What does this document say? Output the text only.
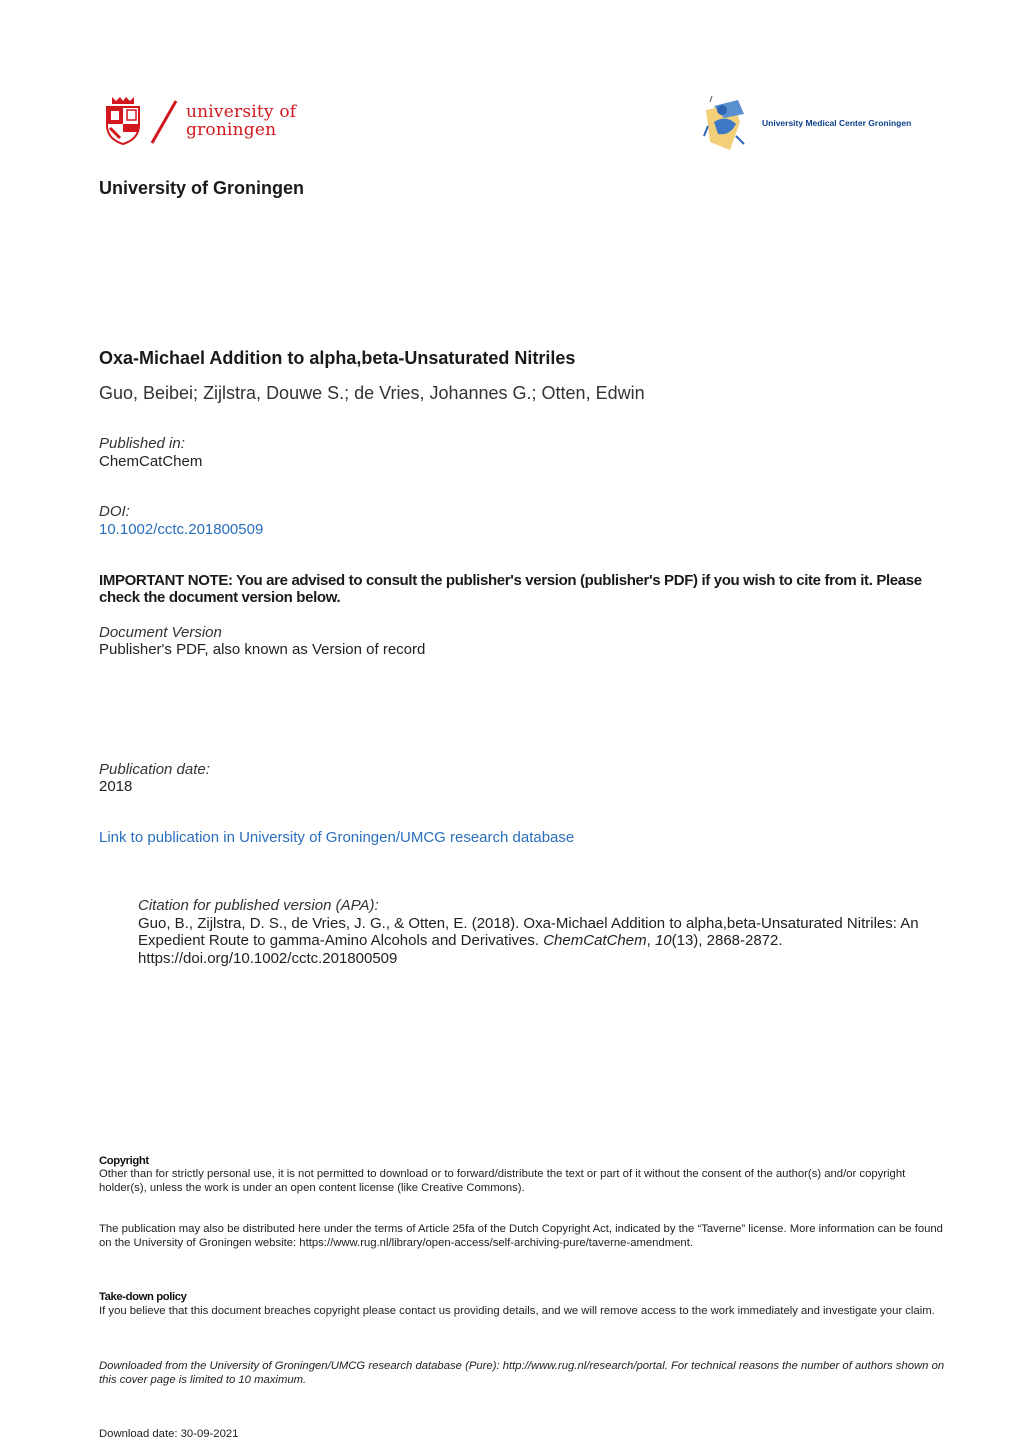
university of
groningen	University Medical Center Groningen
University of Groningen
Oxa-Michael Addition to alpha,beta-Unsaturated Nitriles
Guo, Beibei; Zijlstra, Douwe S.; de Vries, Johannes G.; Otten, Edwin
Published in:
ChemCatChem
DOI:
10.1002/cctc.201800509
IMPORTANT NOTE: You are advised to consult the publisher's version (publisher's PDF) if you wish to cite from it. Please check the document version below.
Document Version
Publisher's PDF, also known as Version of record
Publication date:
2018
Link to publication in University of Groningen/UMCG research database
Citation for published version (APA):
Guo, B., Zijlstra, D. S., de Vries, J. G., & Otten, E. (2018). Oxa-Michael Addition to alpha,beta-Unsaturated Nitriles: An Expedient Route to gamma-Amino Alcohols and Derivatives. ChemCatChem, 10(13), 2868-2872. https://doi.org/10.1002/cctc.201800509
Copyright
Other than for strictly personal use, it is not permitted to download or to forward/distribute the text or part of it without the consent of the author(s) and/or copyright holder(s), unless the work is under an open content license (like Creative Commons).
The publication may also be distributed here under the terms of Article 25fa of the Dutch Copyright Act, indicated by the “Taverne” license. More information can be found on the University of Groningen website: https://www.rug.nl/library/open-access/self-archiving-pure/taverne-amendment.
Take-down policy
If you believe that this document breaches copyright please contact us providing details, and we will remove access to the work immediately and investigate your claim.
Downloaded from the University of Groningen/UMCG research database (Pure): http://www.rug.nl/research/portal. For technical reasons the number of authors shown on this cover page is limited to 10 maximum.
Download date: 30-09-2021
